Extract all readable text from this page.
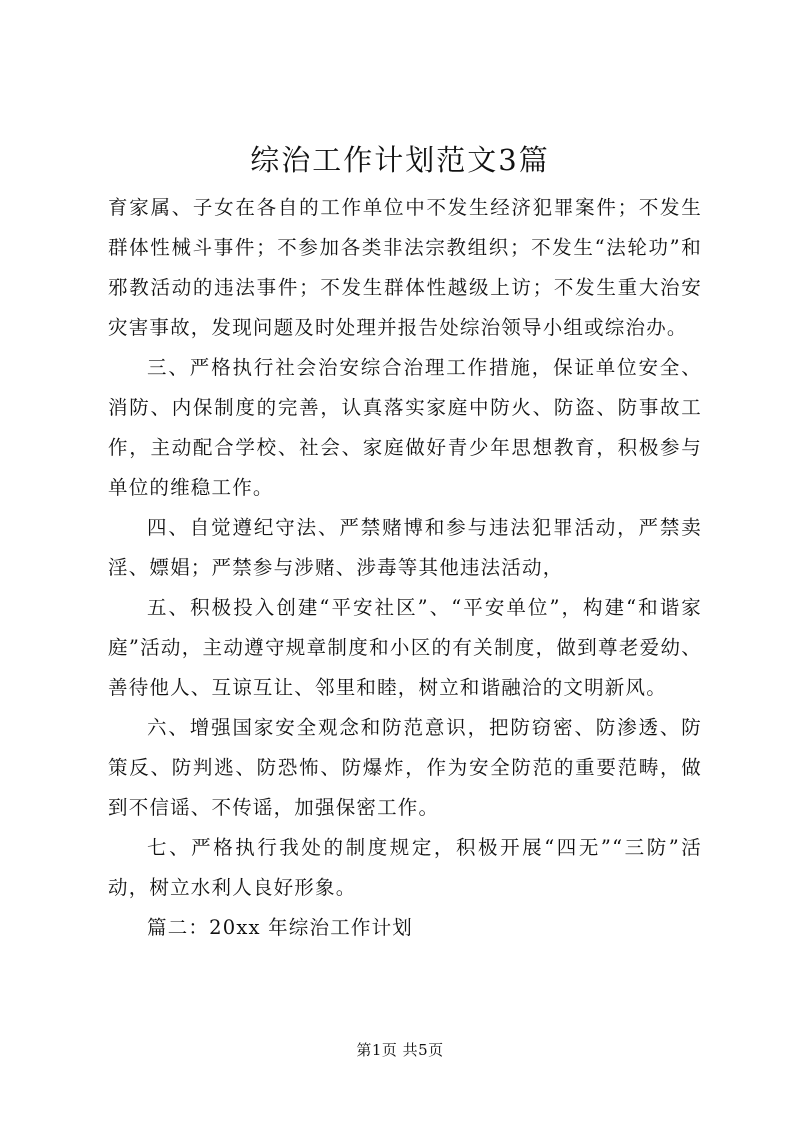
综治工作计划范文3篇

育家属、子女在各自的工作单位中不发生经济犯罪案件；不发生群体性械斗事件；不参加各类非法宗教组织；不发生“法轮功”和邪教活动的违法事件；不发生群体性越级上访；不发生重大治安灾害事故，发现问题及时处理并报告处综治领导小组或综治办。

三、严格执行社会治安综合治理工作措施，保证单位安全、消防、内保制度的完善，认真落实家庭中防火、防盗、防事故工作，主动配合学校、社会、家庭做好青少年思想教育，积极参与单位的维稳工作。

四、自觉遵纪守法、严禁赌博和参与违法犯罪活动，严禁卖淫、嫖娼；严禁参与涉赌、涉毒等其他违法活动，

五、积极投入创建“平安社区”、“平安单位”，构建“和谐家庭”活动，主动遵守规章制度和小区的有关制度，做到尊老爱幼、善待他人、互谅互让、邻里和睦，树立和谐融洽的文明新风。

六、增强国家安全观念和防范意识，把防窃密、防渗透、防策反、防判逃、防恐怖、防爆炸，作为安全防范的重要范畴，做到不信谣、不传谣，加强保密工作。

七、严格执行我处的制度规定，积极开展“四无”“三防”活动，树立水利人良好形象。

篇二：20xx 年综治工作计划

第1页 共5页
